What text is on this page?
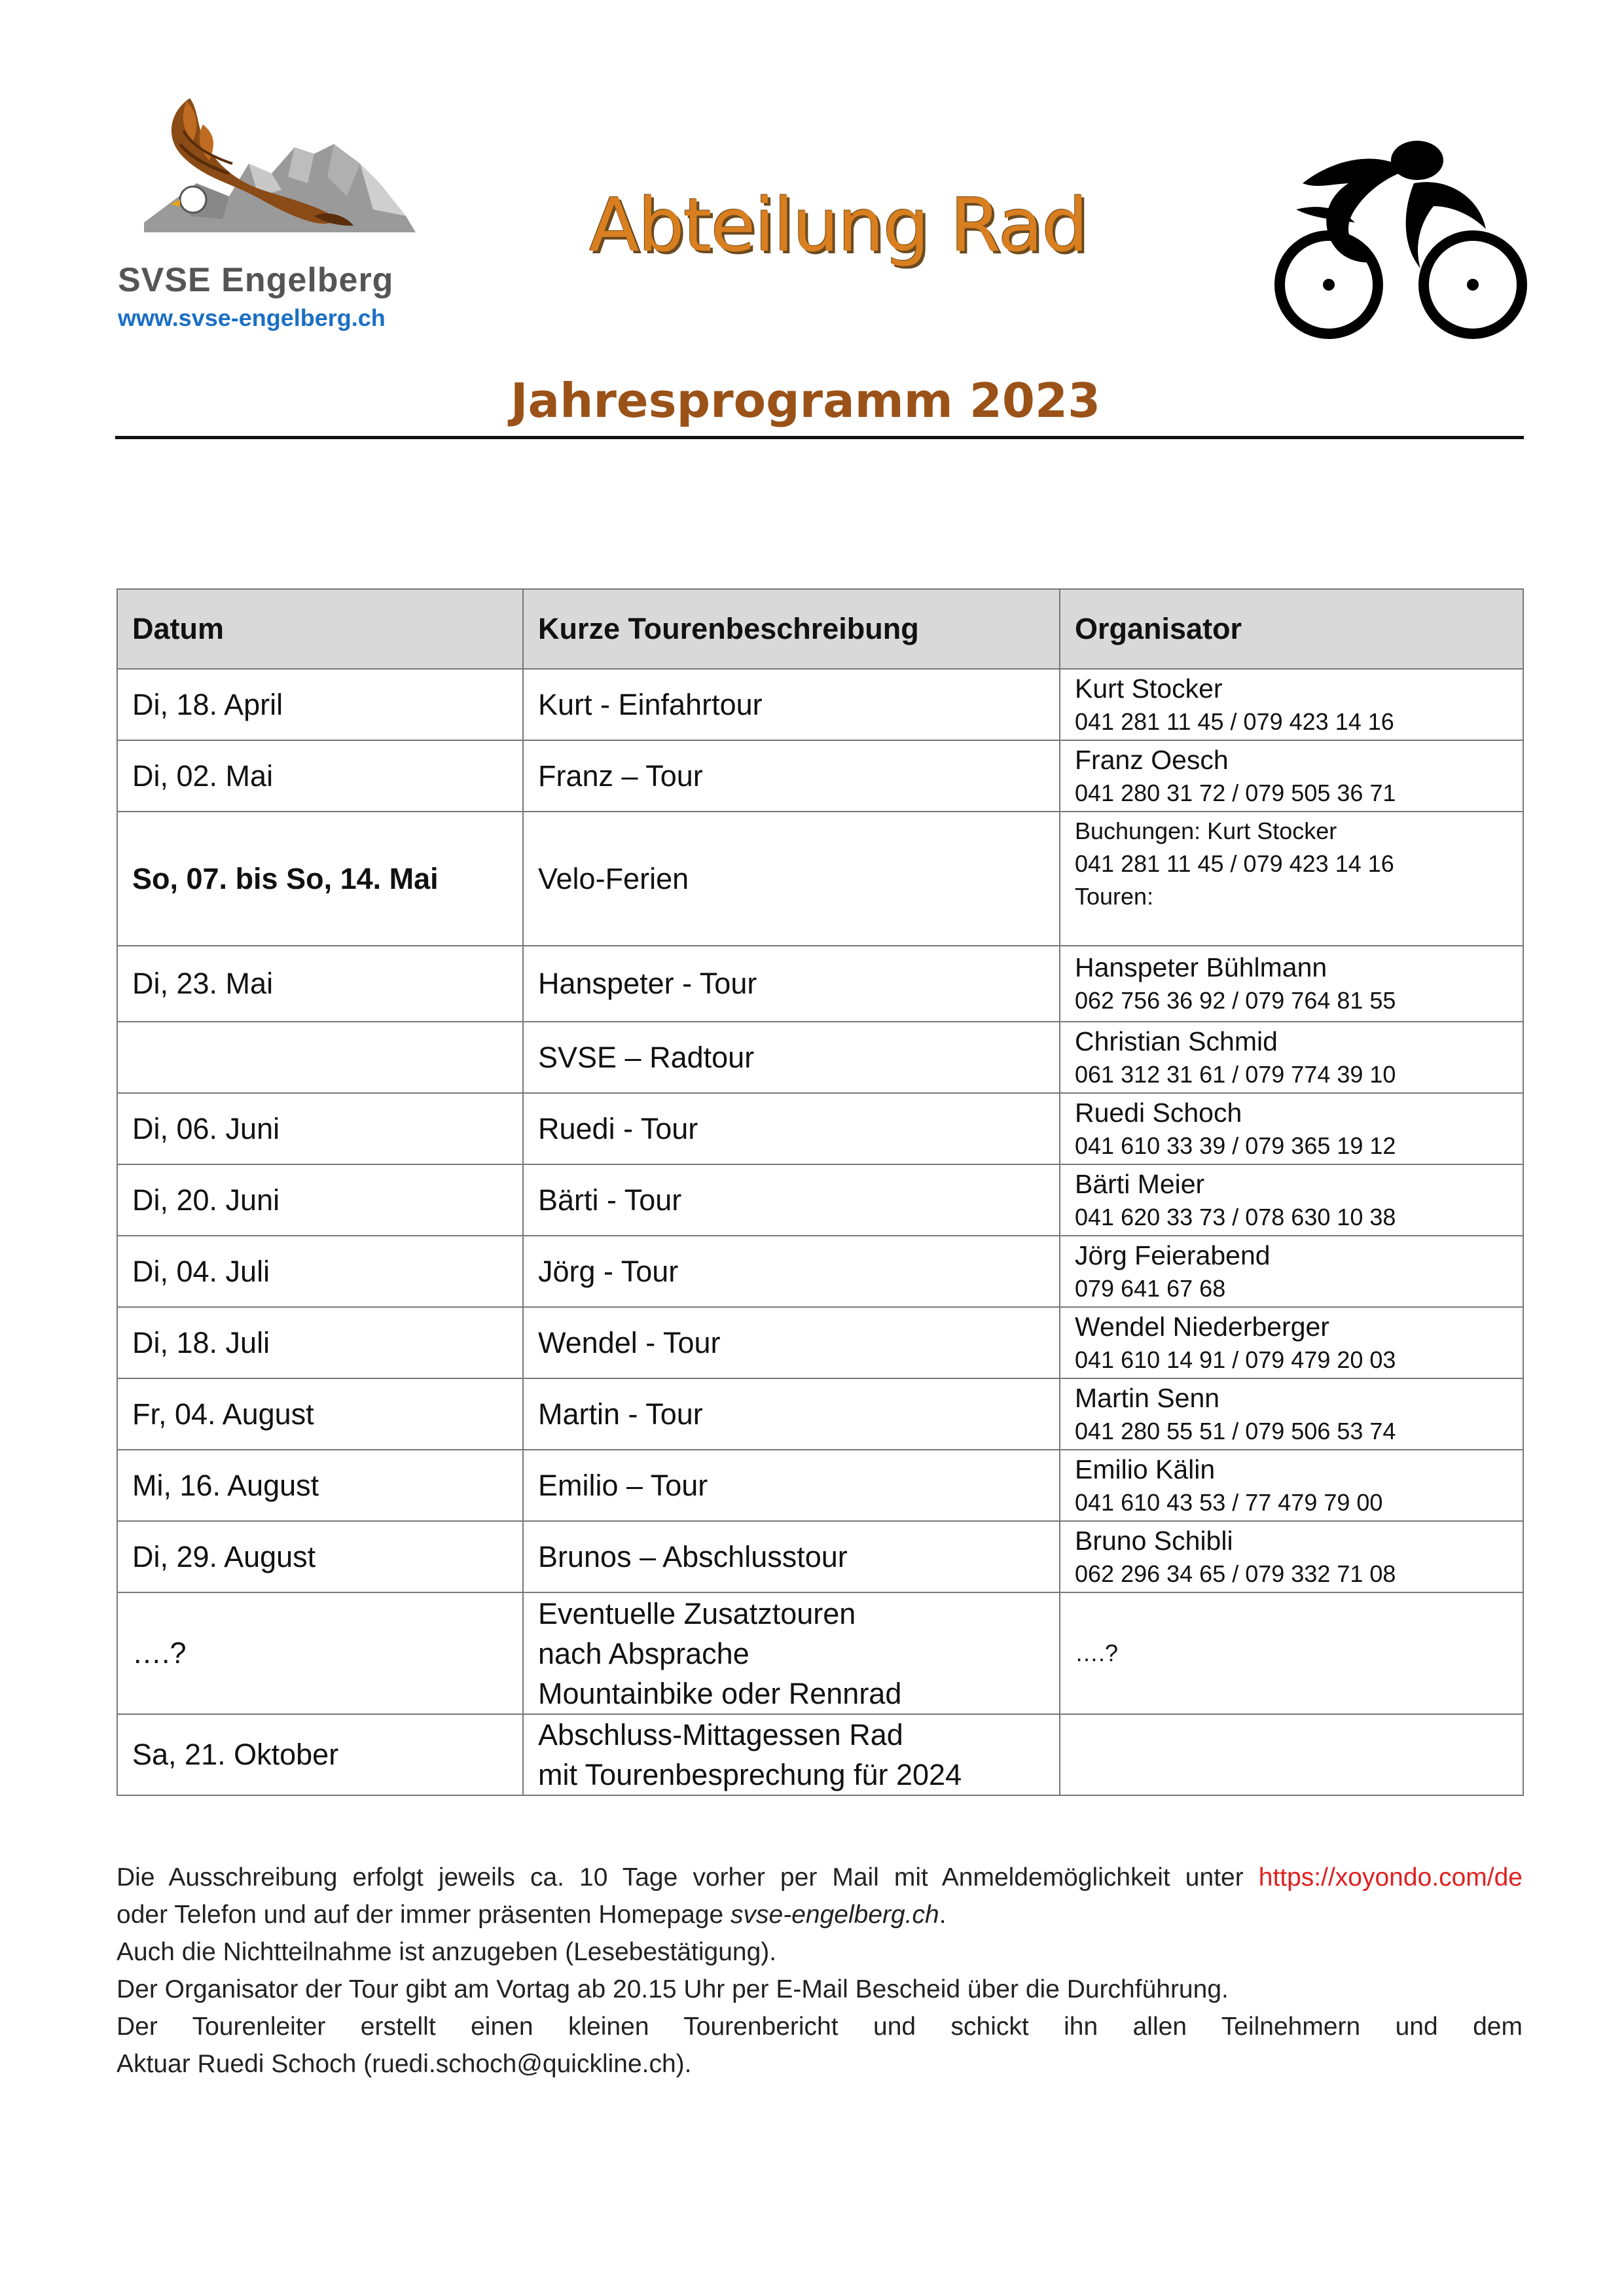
SVSE Engelberg
www.svse-engelberg.ch
Abteilung Rad
Jahresprogramm 2023
Datum	Kurze Tourenbeschreibung	Organisator
Di, 18. April	Kurt - Einfahrtour	Kurt Stocker
041 281 11 45 / 079 423 14 16

Di, 02. Mai	Franz – Tour	Franz Oesch
041 280 31 72 / 079 505 36 71

So, 07. bis So, 14. Mai	Velo-Ferien	Buchungen: Kurt Stocker
041 281 11 45 / 079 423 14 16
Touren:

Di, 23. Mai	Hanspeter - Tour	Hanspeter Bühlmann
062 756 36 92 / 079 764 81 55

	SVSE – Radtour	Christian Schmid
061 312 31 61 / 079 774 39 10

Di, 06. Juni	Ruedi - Tour	Ruedi Schoch
041 610 33 39 / 079 365 19 12

Di, 20. Juni	Bärti - Tour	Bärti Meier
041 620 33 73 / 078 630 10 38

Di, 04. Juli	Jörg - Tour	Jörg Feierabend
079 641 67 68

Di, 18. Juli	Wendel - Tour	Wendel Niederberger
041 610 14 91 / 079 479 20 03

Fr, 04. August	Martin - Tour	Martin Senn
041 280 55 51 / 079 506 53 74

Mi, 16. August	Emilio – Tour	Emilio Kälin
041 610 43 53 / 77 479 79 00

Di, 29. August	Brunos – Abschlusstour	Bruno Schibli
062 296 34 65 / 079 332 71 08

….?	Eventuelle Zusatztouren
nach Absprache
Mountainbike oder Rennrad	….?
Sa, 21. Oktober	Abschluss-Mittagessen Rad
mit Tourenbesprechung für 2024	

Die Ausschreibung erfolgt jeweils ca. 10 Tage vorher per Mail mit Anmeldemöglichkeit unter https://xoyondo.com/de

oder Telefon und auf der immer präsenten Homepage svse-engelberg.ch.

Auch die Nichtteilnahme ist anzugeben (Lesebestätigung).

Der Organisator der Tour gibt am Vortag ab 20.15 Uhr per E-Mail Bescheid über die Durchführung.

Der Tourenleiter erstellt einen kleinen Tourenbericht und schickt ihn allen Teilnehmern und dem

Aktuar Ruedi Schoch (ruedi.schoch@quickline.ch).
